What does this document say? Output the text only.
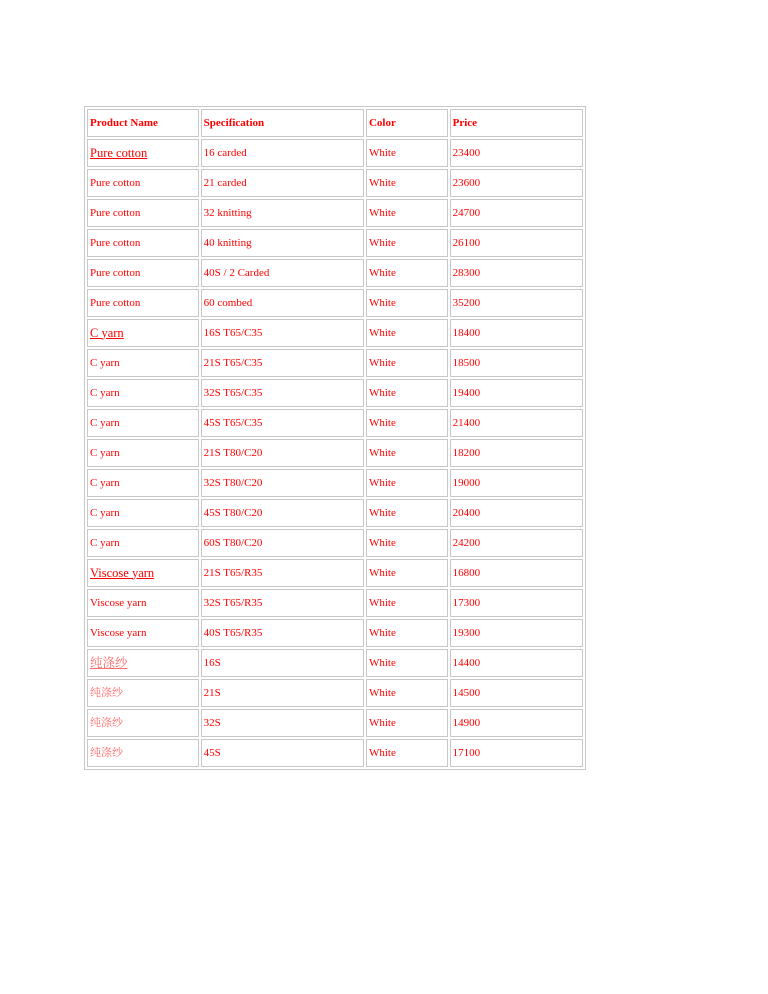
Product Name	Specification	Color	Price
Pure cotton	16 carded	White	23400
Pure cotton	21 carded	White	23600
Pure cotton	32 knitting	White	24700
Pure cotton	40 knitting	White	26100
Pure cotton	40S / 2 Carded	White	28300
Pure cotton	60 combed	White	35200
C yarn	16S T65/C35	White	18400
C yarn	21S T65/C35	White	18500
C yarn	32S T65/C35	White	19400
C yarn	45S T65/C35	White	21400
C yarn	21S T80/C20	White	18200
C yarn	32S T80/C20	White	19000
C yarn	45S T80/C20	White	20400
C yarn	60S T80/C20	White	24200
Viscose yarn	21S T65/R35	White	16800
Viscose yarn	32S T65/R35	White	17300
Viscose yarn	40S T65/R35	White	19300
纯涤纱	16S	White	14400
纯涤纱	21S	White	14500
纯涤纱	32S	White	14900
纯涤纱	45S	White	17100
